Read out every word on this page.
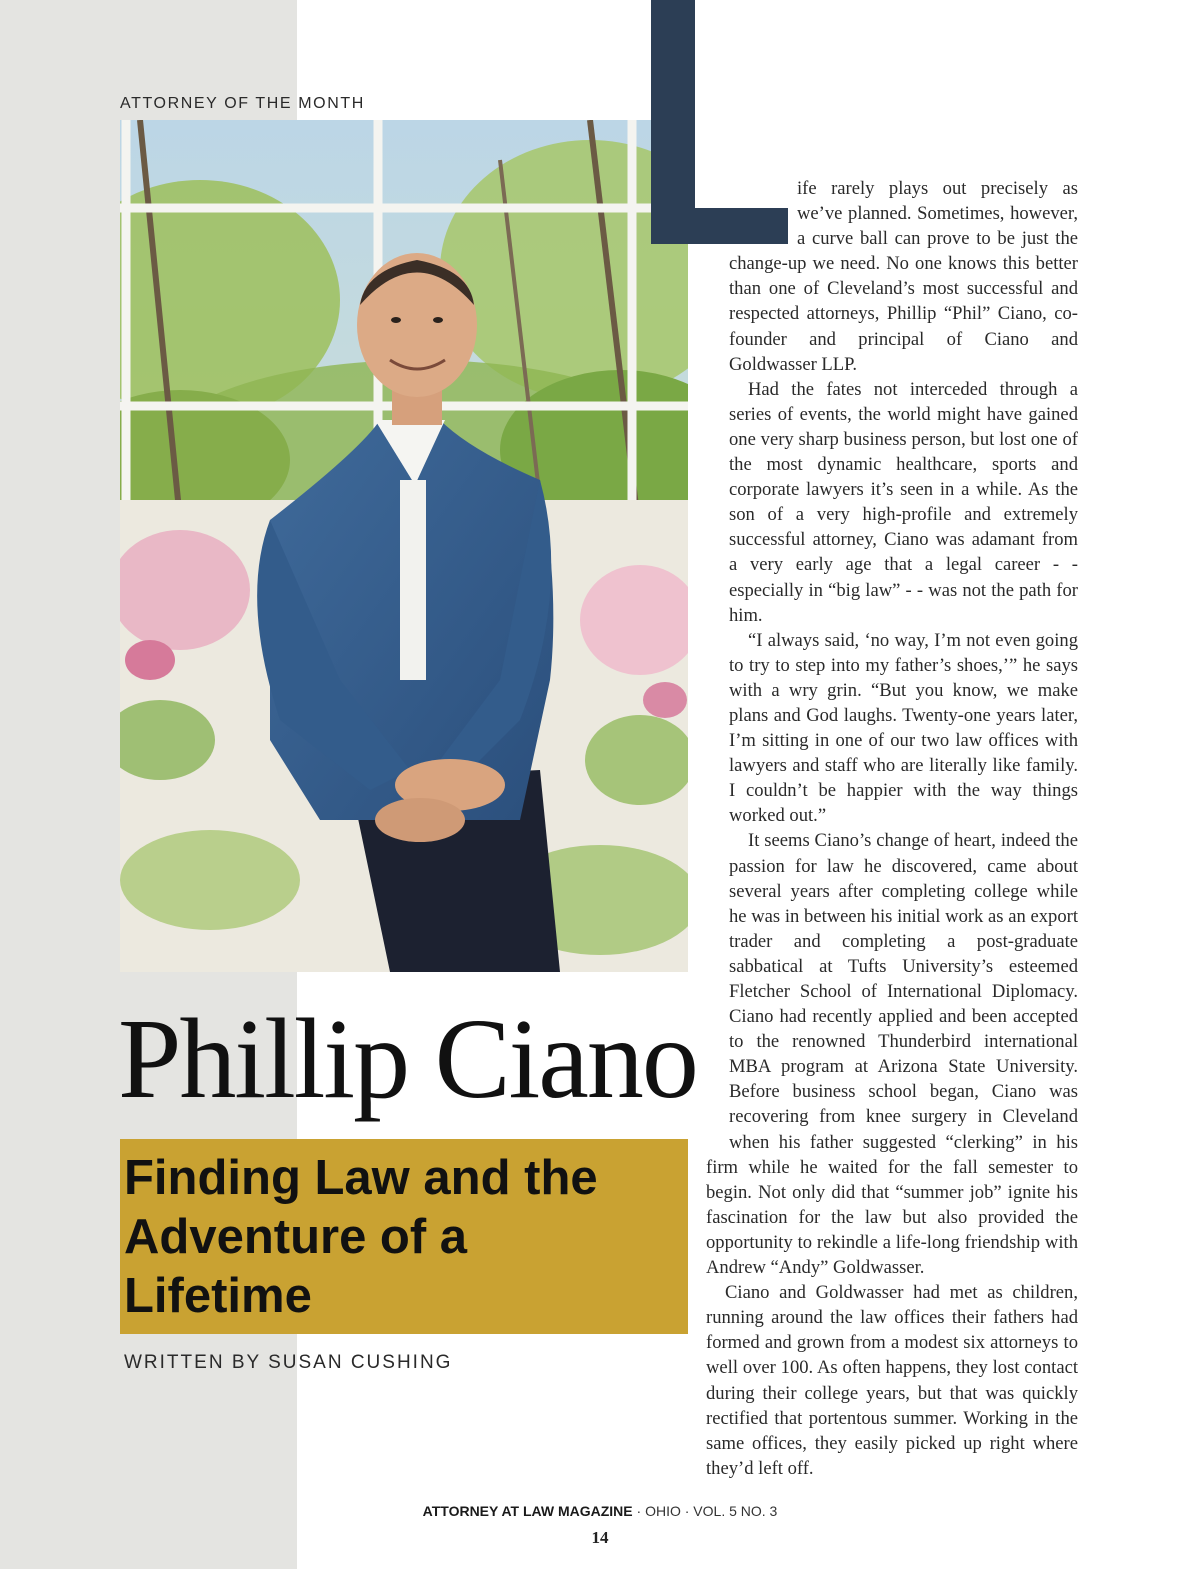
ATTORNEY OF THE MONTH

ife rarely plays out precisely as we’ve planned. Sometimes, however, a curve ball can prove to be just the change-up we need. No one knows this better than one of Cleveland’s most successful and respected attorneys, Phillip “Phil” Ciano, co-founder and principal of Ciano and Goldwasser LLP.

Had the fates not interceded through a series of events, the world might have gained one very sharp business person, but lost one of the most dynamic healthcare, sports and corporate lawyers it’s seen in a while. As the son of a very high-profile and extremely successful attorney, Ciano was adamant from a very early age that a legal career - - especially in “big law” - - was not the path for him.

“I always said, ‘no way, I’m not even going to try to step into my father’s shoes,’” he says with a wry grin. “But you know, we make plans and God laughs. Twenty-one years later, I’m sitting in one of our two law offices with lawyers and staff who are literally like family. I couldn’t be happier with the way things worked out.”

It seems Ciano’s change of heart, indeed the passion for law he discovered, came about several years after completing college while he was in between his initial work as an export trader and completing a post-graduate sabbatical at Tufts University’s esteemed Fletcher School of International Diplomacy. Ciano had recently applied and been accepted to the renowned Thunderbird international MBA program at Arizona State University. Before business school began, Ciano was recovering from knee surgery in Cleveland when his father suggested “clerking” in his firm while he waited for the fall semester to begin. Not only did that “summer job” ignite his fascination for the law but also provided the opportunity to rekindle a life-long friendship with Andrew “Andy” Goldwasser.

Ciano and Goldwasser had met as children, running around the law offices their fathers had formed and grown from a modest six attorneys to well over 100. As often happens, they lost contact during their college years, but that was quickly rectified that portentous summer. Working in the same offices, they easily picked up right where they’d left off.

Phillip Ciano
Finding Law and the Adventure of a Lifetime
WRITTEN BY SUSAN CUSHING
ATTORNEY AT LAW MAGAZINE · OHIO · VOL. 5 NO. 3
14
